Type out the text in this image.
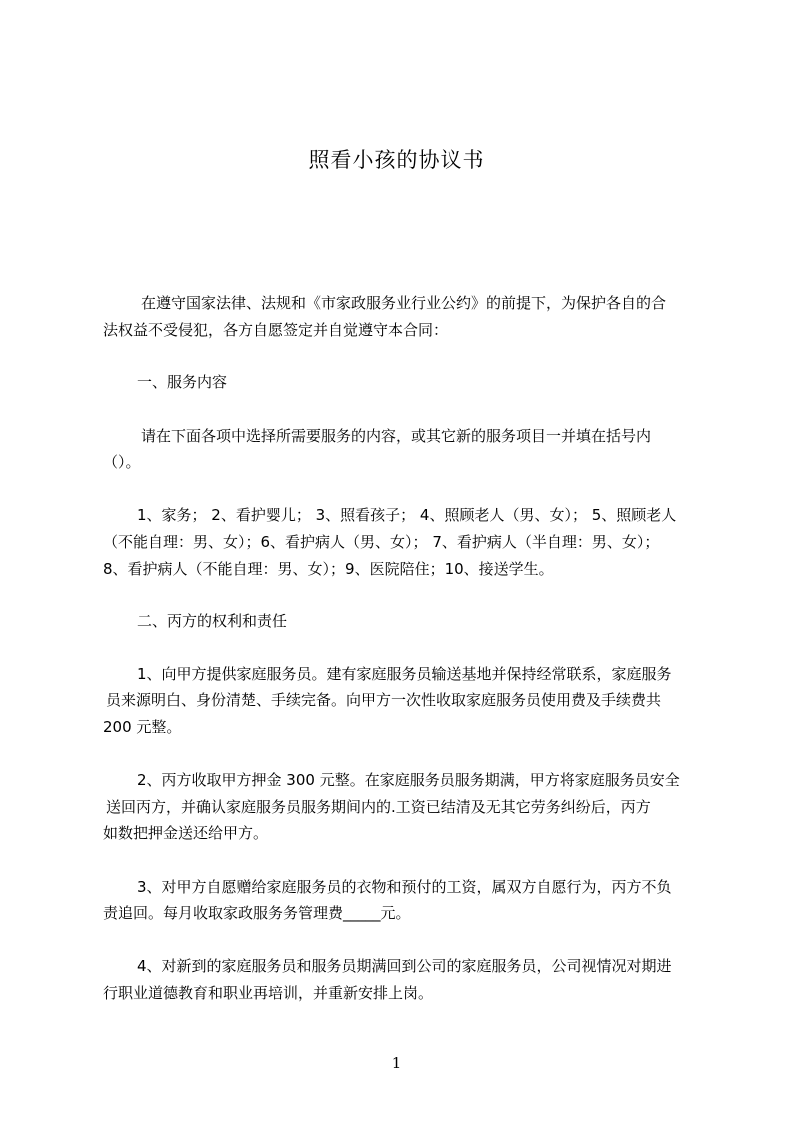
照看小孩的协议书
在遵守国家法律、法规和《市家政服务业行业公约》的前提下，为保护各自的合
法权益不受侵犯，各方自愿签定并自觉遵守本合同：
一、服务内容
请在下面各项中选择所需要服务的内容，或其它新的服务项目一并填在括号内
（）。
1、家务； 2、看护婴儿； 3、照看孩子； 4、照顾老人（男、女）； 5、照顾老人
（不能自理：男、女）；6、看护病人（男、女）； 7、看护病人（半自理：男、女）；
8、看护病人（不能自理：男、女）；9、医院陪住；10、接送学生。
二、丙方的权利和责任
1、向甲方提供家庭服务员。建有家庭服务员输送基地并保持经常联系，家庭服务
员来源明白、身份清楚、手续完备。向甲方一次性收取家庭服务员使用费及手续费共
200 元整。
2、丙方收取甲方押金 300 元整。在家庭服务员服务期满，甲方将家庭服务员安全
送回丙方，并确认家庭服务员服务期间内的.工资已结清及无其它劳务纠纷后，丙方
如数把押金送还给甲方。
3、对甲方自愿赠给家庭服务员的衣物和预付的工资，属双方自愿行为，丙方不负
责追回。每月收取家政服务务管理费_____元。
4、对新到的家庭服务员和服务员期满回到公司的家庭服务员，公司视情况对期进
行职业道德教育和职业再培训，并重新安排上岗。
1
